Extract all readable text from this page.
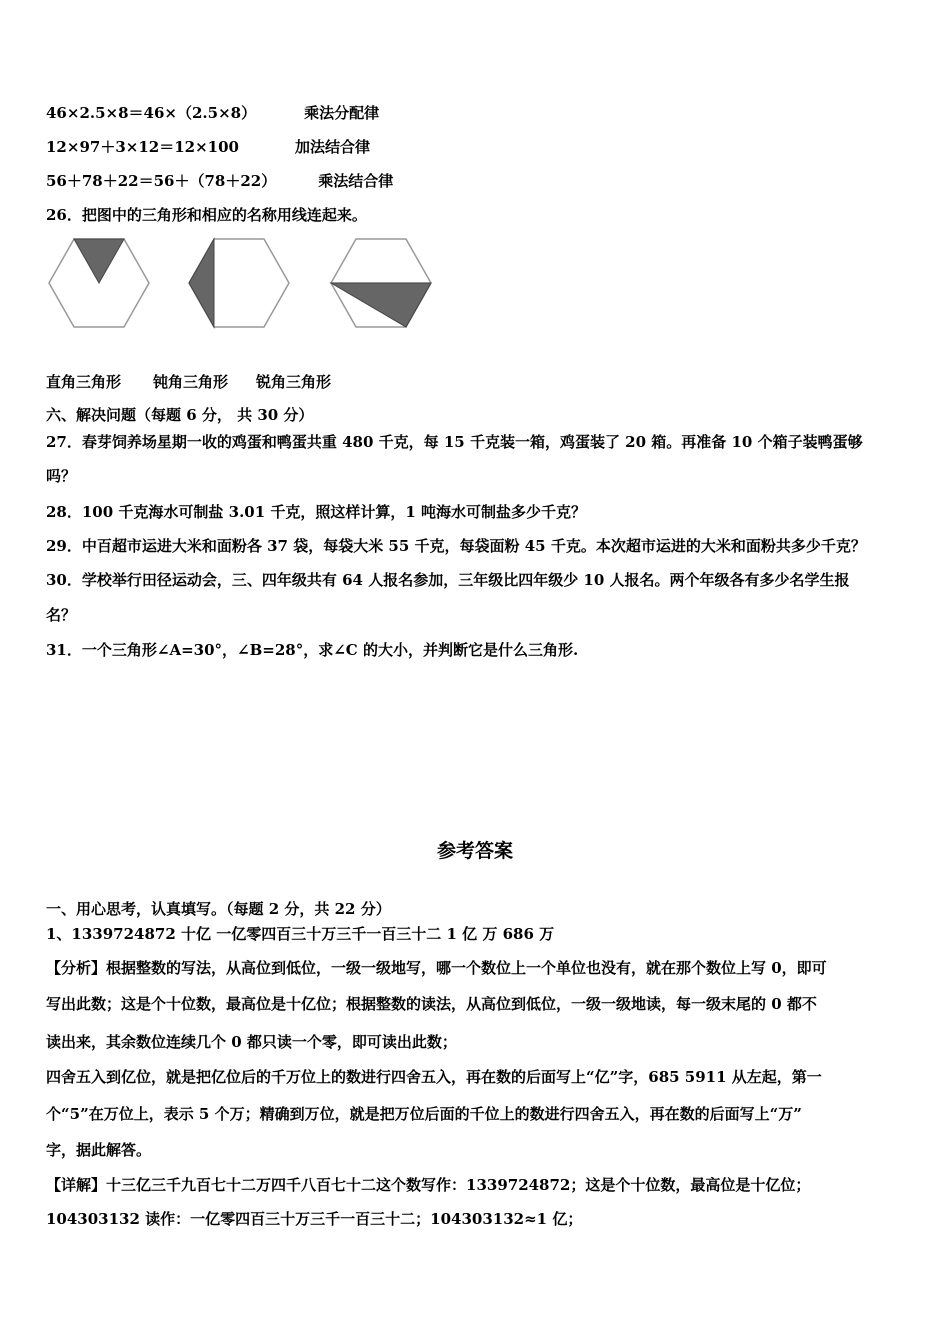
46×2.5×8＝46×（2.5×8）	乘法分配律
12×97＋3×12＝12×100	加法结合律
56＋78＋22＝56＋（78＋22）	乘法结合律
26．把图中的三角形和相应的名称用线连起来。
直角三角形 钝角三角形 锐角三角形
六、解决问题（每题 6 分， 共 30 分）
27．春芽饲养场星期一收的鸡蛋和鸭蛋共重 480 千克，每 15 千克装一箱，鸡蛋装了 20 箱。再准备 10 个箱子装鸭蛋够
吗？
28．100 千克海水可制盐 3.01 千克，照这样计算，1 吨海水可制盐多少千克？
29．中百超市运进大米和面粉各 37 袋，每袋大米 55 千克，每袋面粉 45 千克。本次超市运进的大米和面粉共多少千克？
30．学校举行田径运动会，三、四年级共有 64 人报名参加，三年级比四年级少 10 人报名。两个年级各有多少名学生报
名？
31．一个三角形∠A=30°，∠B=28°，求∠C 的大小，并判断它是什么三角形.
参考答案
一、用心思考，认真填写。（每题 2 分，共 22 分）
1、1339724872 十亿 一亿零四百三十万三千一百三十二 1 亿 万 686 万
【分析】根据整数的写法，从高位到低位，一级一级地写，哪一个数位上一个单位也没有，就在那个数位上写 0，即可
写出此数；这是个十位数，最高位是十亿位；根据整数的读法，从高位到低位，一级一级地读，每一级末尾的 0 都不
读出来，其余数位连续几个 0 都只读一个零，即可读出此数；
四舍五入到亿位，就是把亿位后的千万位上的数进行四舍五入，再在数的后面写上“亿”字，685 5911 从左起，第一
个“5”在万位上，表示 5 个万；精确到万位，就是把万位后面的千位上的数进行四舍五入，再在数的后面写上“万”
字，据此解答。
【详解】十三亿三千九百七十二万四千八百七十二这个数写作：1339724872；这是个十位数，最高位是十亿位；
104303132 读作：一亿零四百三十万三千一百三十二；104303132≈1 亿；
